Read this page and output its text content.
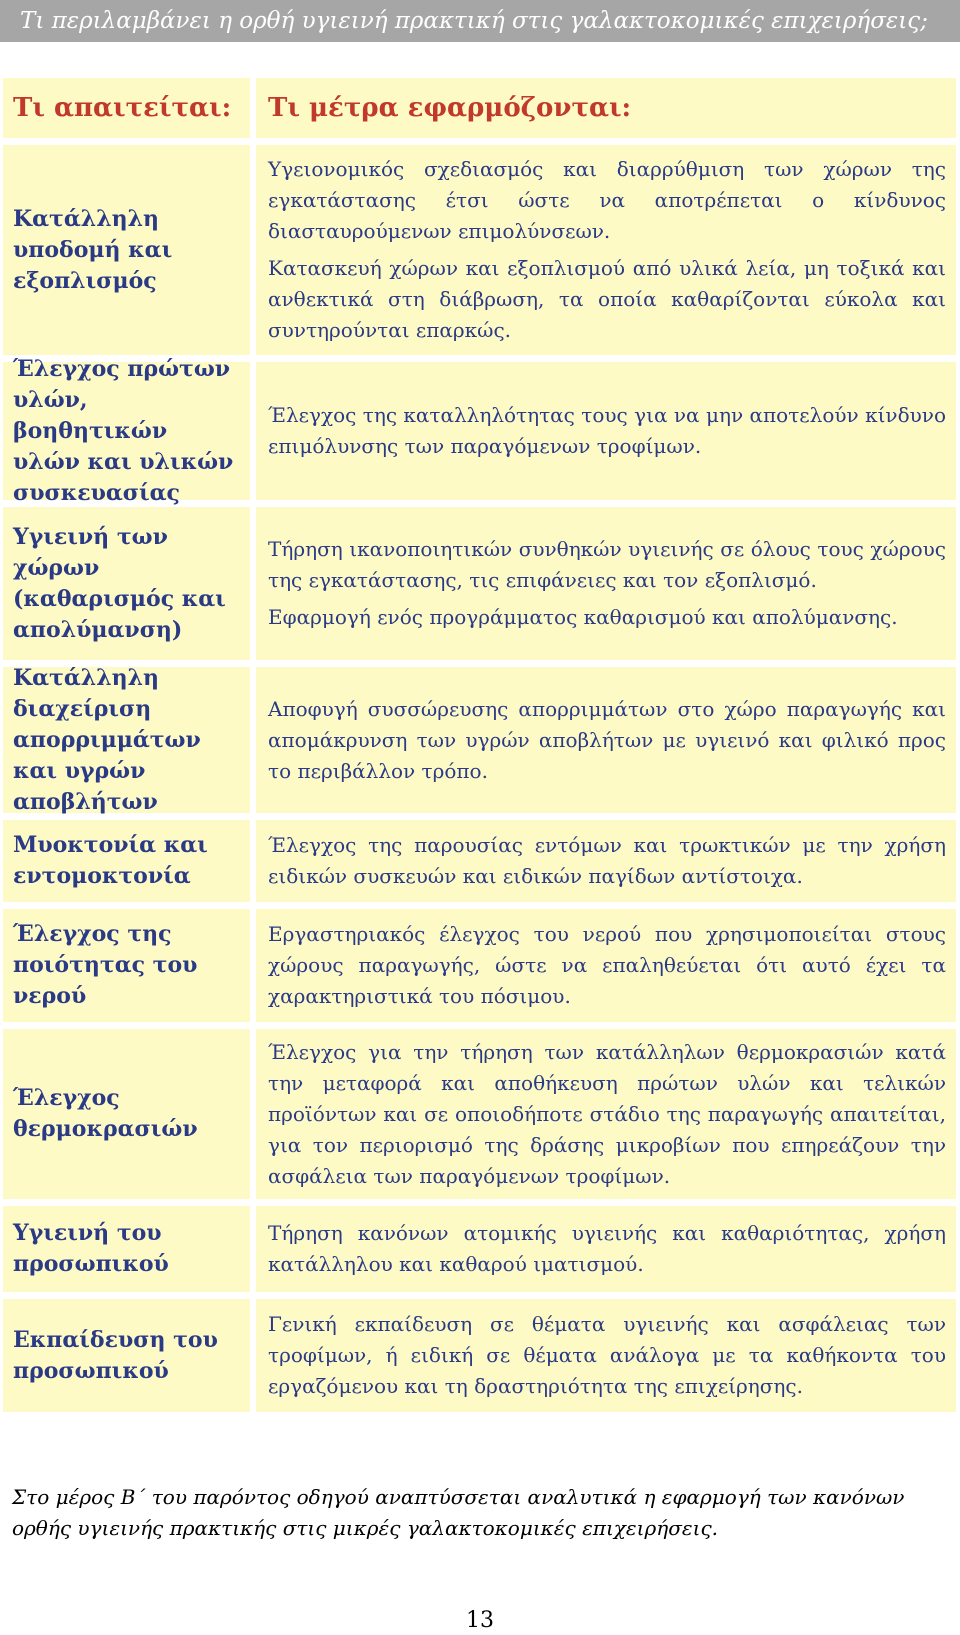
Τι περιλαμβάνει η ορθή υγιεινή πρακτική στις γαλακτοκομικές επιχειρήσεις;
Τι απαιτείται:	Τι μέτρα εφαρμόζονται:
Κατάλληλη υποδομή και εξοπλισμός

Υγειονομικός σχεδιασμός και διαρρύθμιση των χώρων της εγκατάστασης έτσι ώστε να αποτρέπεται ο κίνδυνος διασταυρούμενων επιμολύνσεων.

Κατασκευή χώρων και εξοπλισμού από υλικά λεία, μη τοξικά και ανθεκτικά στη διάβρωση, τα οποία καθαρίζονται εύκολα και συντηρούνται επαρκώς.

Έλεγχος πρώτων υλών, βοηθητικών υλών και υλικών συσκευασίας

Έλεγχος της καταλληλότητας τους για να μην αποτελούν κίνδυνο επιμόλυνσης των παραγόμενων τροφίμων.

Υγιεινή των χώρων (καθαρισμός και απολύμανση)

Τήρηση ικανοποιητικών συνθηκών υγιεινής σε όλους τους χώρους της εγκατάστασης, τις επιφάνειες και τον εξοπλισμό.

Εφαρμογή ενός προγράμματος καθαρισμού και απολύμανσης.

Κατάλληλη διαχείριση απορριμμάτων και υγρών αποβλήτων

Αποφυγή συσσώρευσης απορριμμάτων στο χώρο παραγωγής και απομάκρυνση των υγρών αποβλήτων με υγιεινό και φιλικό προς το περιβάλλον τρόπο.

Μυοκτονία και εντομοκτονία

Έλεγχος της παρουσίας εντόμων και τρωκτικών με την χρήση ειδικών συσκευών και ειδικών παγίδων αντίστοιχα.

Έλεγχος της ποιότητας του νερού

Εργαστηριακός έλεγχος του νερού που χρησιμοποιείται στους χώρους παραγωγής, ώστε να επαληθεύεται ότι αυτό έχει τα χαρακτηριστικά του πόσιμου.

Έλεγχος θερμοκρασιών

Έλεγχος για την τήρηση των κατάλληλων θερμοκρασιών κατά την μεταφορά και αποθήκευση πρώτων υλών και τελικών προϊόντων και σε οποιοδήποτε στάδιο της παραγωγής απαιτείται, για τον περιορισμό της δράσης μικροβίων που επηρεάζουν την ασφάλεια των παραγόμενων τροφίμων.

Υγιεινή του προσωπικού

Τήρηση κανόνων ατομικής υγιεινής και καθαριότητας, χρήση κατάλληλου και καθαρού ιματισμού.

Εκπαίδευση του προσωπικού

Γενική εκπαίδευση σε θέματα υγιεινής και ασφάλειας των τροφίμων, ή ειδική σε θέματα ανάλογα με τα καθήκοντα του εργαζόμενου και τη δραστηριότητα της επιχείρησης.

Στο μέρος Β΄ του παρόντος οδηγού αναπτύσσεται αναλυτικά η εφαρμογή των κανόνων ορθής υγιεινής πρακτικής στις μικρές γαλακτοκομικές επιχειρήσεις.
13
